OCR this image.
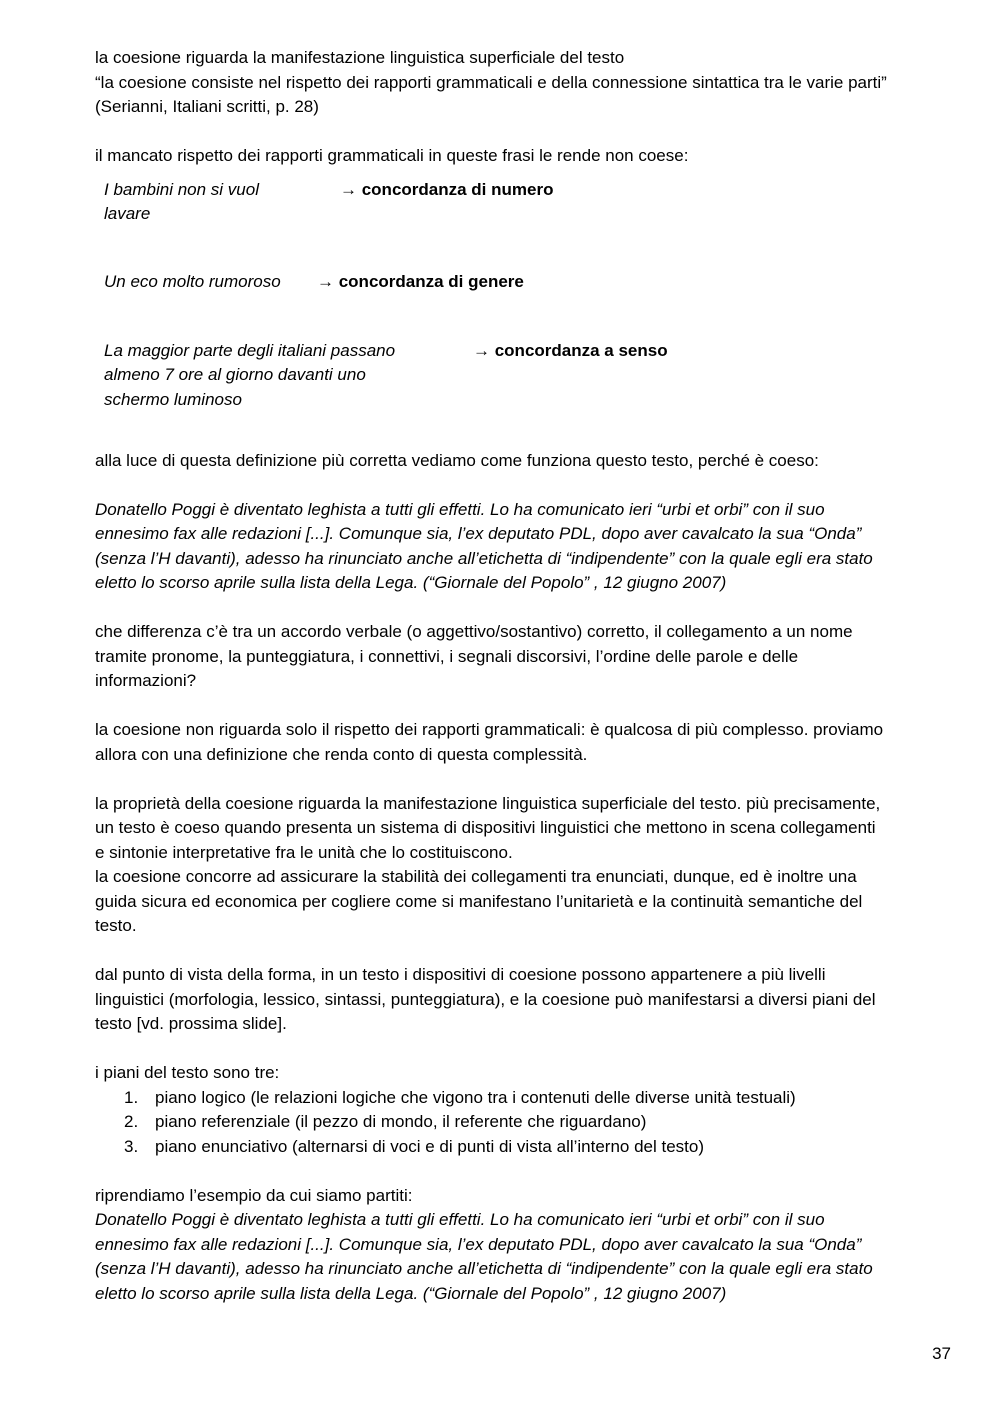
la coesione riguarda la manifestazione linguistica superficiale del testo

“la coesione consiste nel rispetto dei rapporti grammaticali e della connessione sintattica tra le varie parti” (Serianni, Italiani scritti, p. 28)

il mancato rispetto dei rapporti grammaticali in queste frasi le rende non coese:

I bambini non si vuol
lavare
→ concordanza di numero
Un eco molto rumoroso → concordanza di genere
La maggior parte degli italiani passano
almeno 7 ore al giorno davanti uno
schermo luminoso
→ concordanza a senso

alla luce di questa definizione più corretta vediamo come funziona questo testo, perché è coeso:

Donatello Poggi è diventato leghista a tutti gli effetti. Lo ha comunicato ieri “urbi et orbi” con il suo
ennesimo fax alle redazioni [...]. Comunque sia, l’ex deputato PDL, dopo aver cavalcato la sua “Onda”
(senza l’H davanti), adesso ha rinunciato anche all’etichetta di “indipendente” con la quale egli era stato
eletto lo scorso aprile sulla lista della Lega. (“Giornale del Popolo” , 12 giugno 2007)

che differenza c’è tra un accordo verbale (o aggettivo/sostantivo) corretto, il collegamento a un nome
tramite pronome, la punteggiatura, i connettivi, i segnali discorsivi, l’ordine delle parole e delle
informazioni?

la coesione non riguarda solo il rispetto dei rapporti grammaticali: è qualcosa di più complesso. proviamo
allora con una definizione che renda conto di questa complessità.

la proprietà della coesione riguarda la manifestazione linguistica superficiale del testo. più precisamente,
un testo è coeso quando presenta un sistema di dispositivi linguistici che mettono in scena collegamenti
e sintonie interpretative fra le unità che lo costituiscono.
la coesione concorre ad assicurare la stabilità dei collegamenti tra enunciati, dunque, ed è inoltre una
guida sicura ed economica per cogliere come si manifestano l’unitarietà e la continuità semantiche del
testo.

dal punto di vista della forma, in un testo i dispositivi di coesione possono appartenere a più livelli
linguistici (morfologia, lessico, sintassi, punteggiatura), e la coesione può manifestarsi a diversi piani del
testo [vd. prossima slide].

i piani del testo sono tre:

1. piano logico (le relazioni logiche che vigono tra i contenuti delle diverse unità testuali)
2. piano referenziale (il pezzo di mondo, il referente che riguardano)
3. piano enunciativo (alternarsi di voci e di punti di vista all’interno del testo)

riprendiamo l’esempio da cui siamo partiti:

Donatello Poggi è diventato leghista a tutti gli effetti. Lo ha comunicato ieri “urbi et orbi” con il suo
ennesimo fax alle redazioni [...]. Comunque sia, l’ex deputato PDL, dopo aver cavalcato la sua “Onda”
(senza l’H davanti), adesso ha rinunciato anche all’etichetta di “indipendente” con la quale egli era stato
eletto lo scorso aprile sulla lista della Lega. (“Giornale del Popolo” , 12 giugno 2007)

37
